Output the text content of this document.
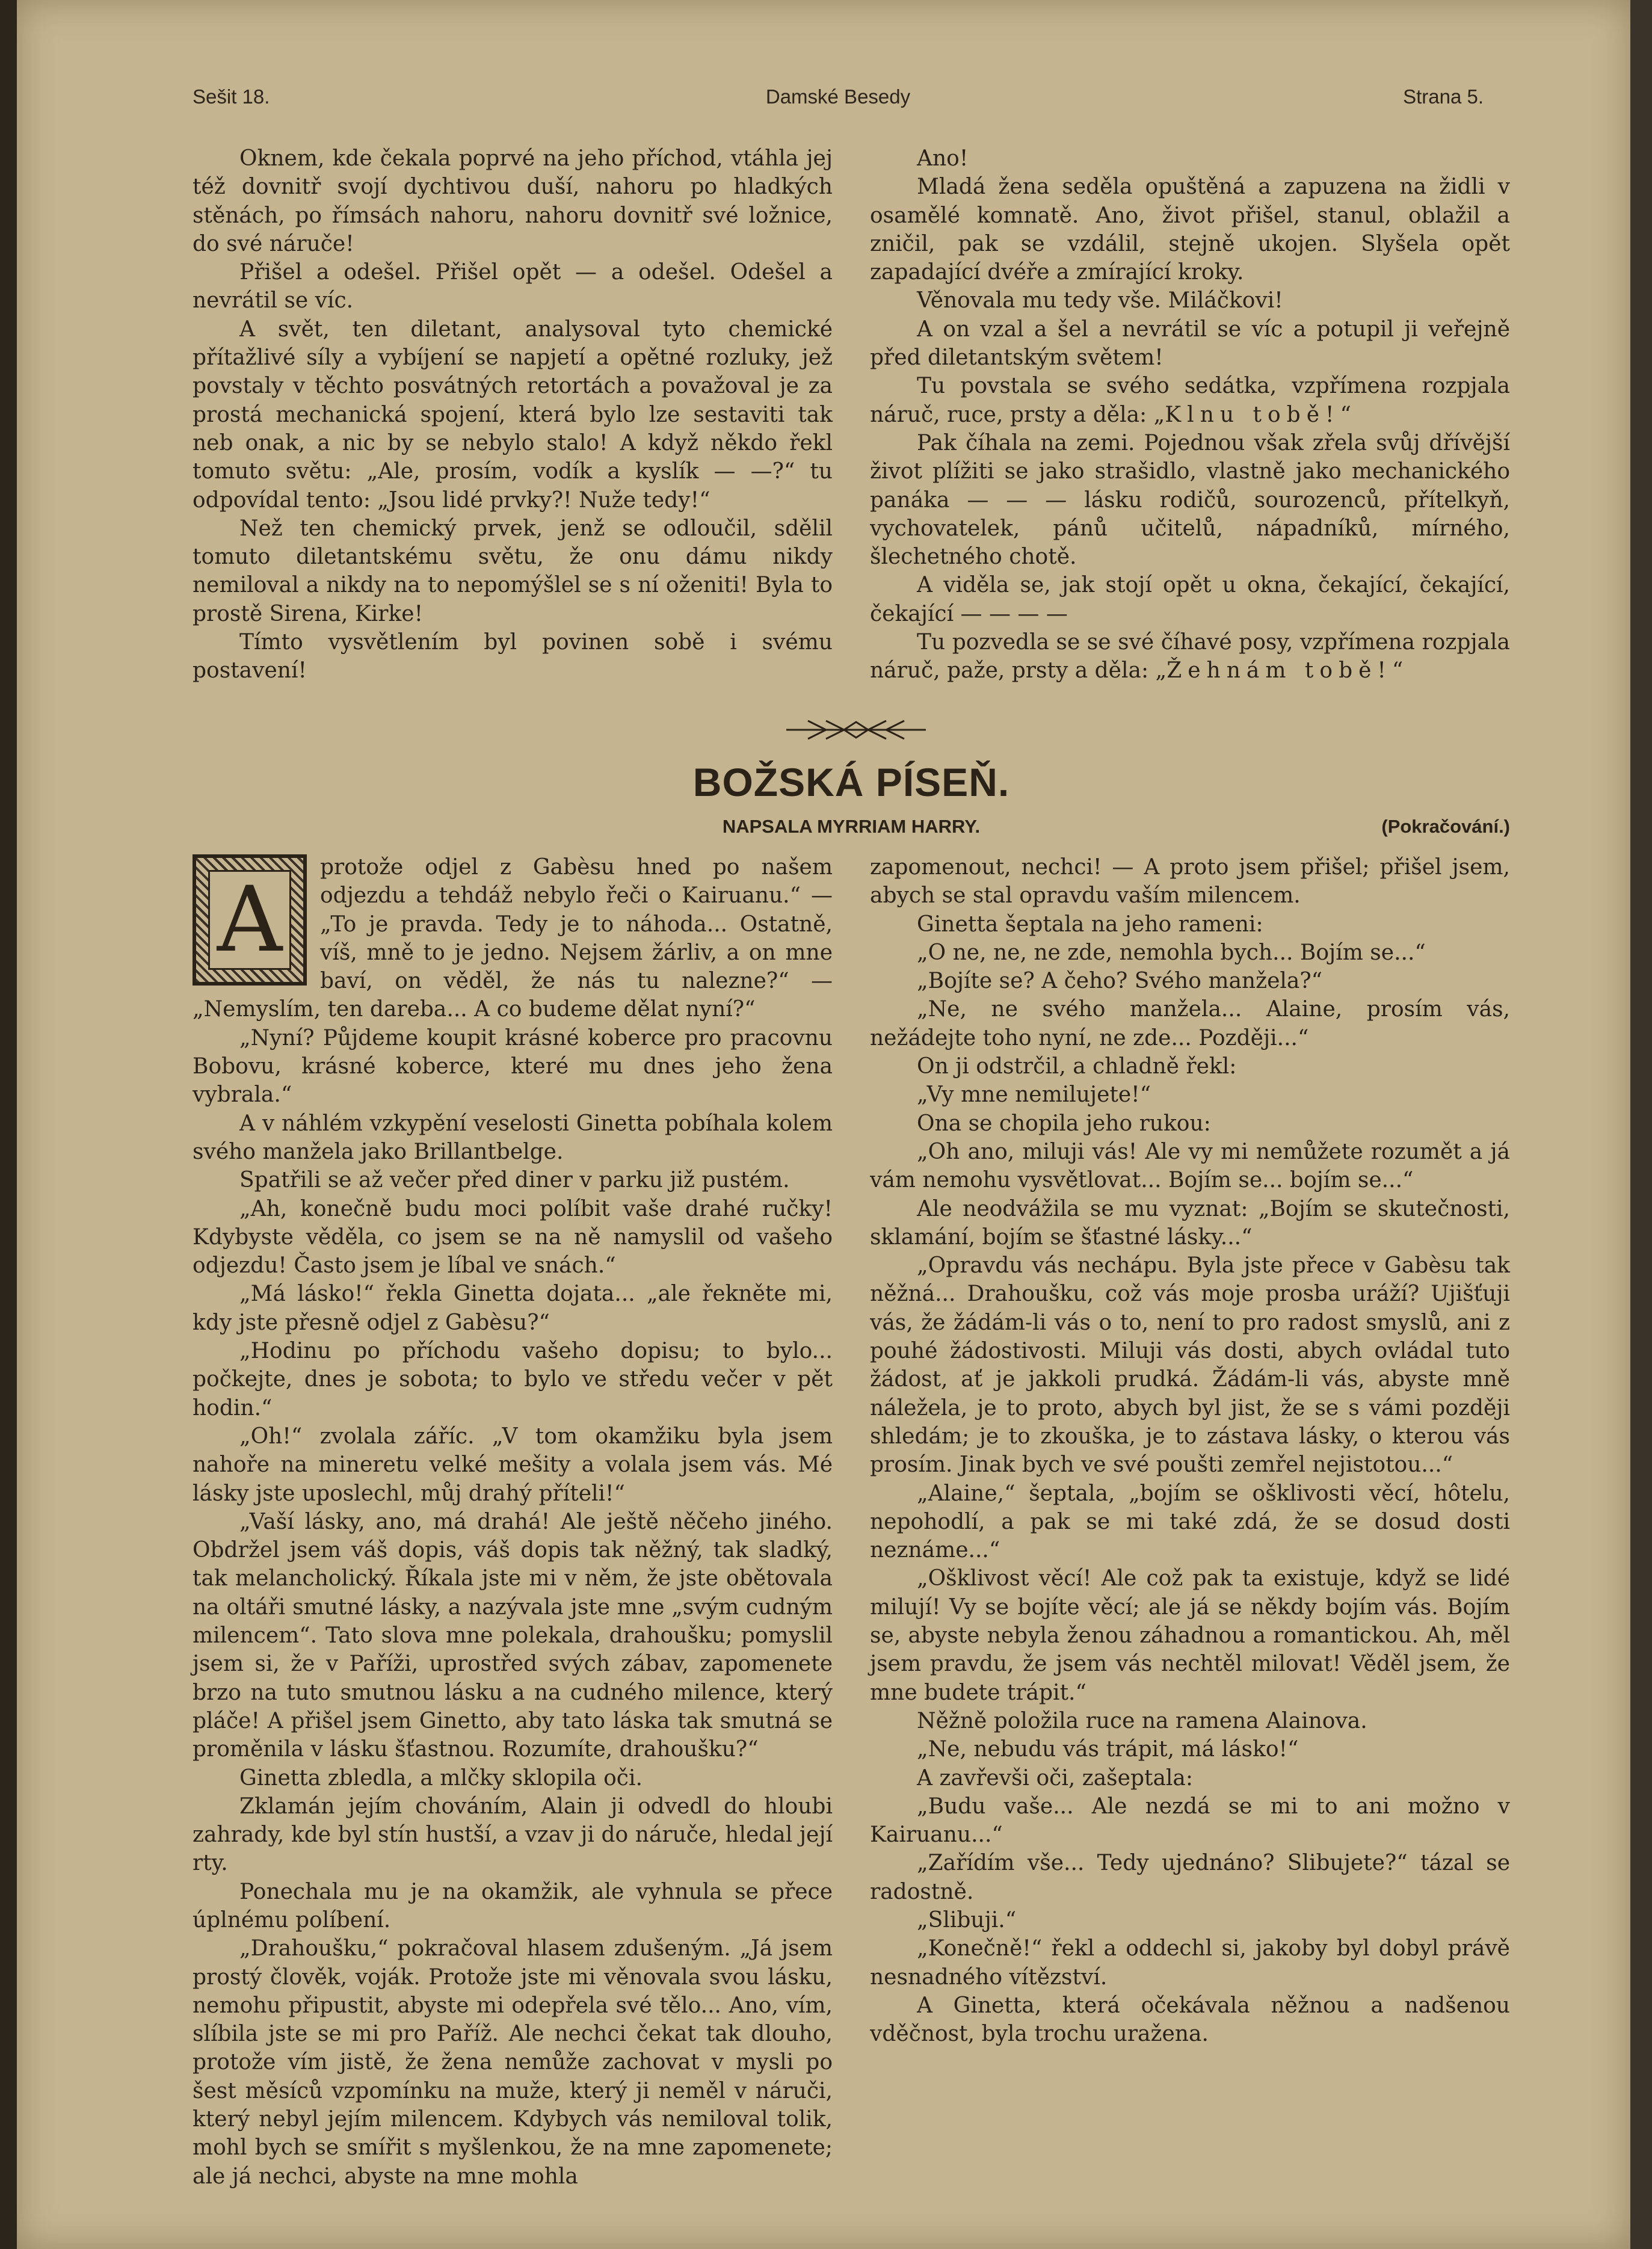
Sešit 18.	Damské Besedy	Strana 5.

Oknem, kde čekala poprvé na jeho příchod, vtáhla jej též dovnitř svojí dychtivou duší, nahoru po hladkých stěnách, po římsách nahoru, nahoru dovnitř své ložnice, do své náruče!

Přišel a odešel. Přišel opět — a odešel. Odešel a nevrátil se víc.

A svět, ten diletant, analysoval tyto chemické přítažlivé síly a vybíjení se napjetí a opětné rozluky, jež povstaly v těchto posvátných retortách a považoval je za prostá mechanická spojení, která bylo lze sestaviti tak neb onak, a nic by se nebylo stalo! A když někdo řekl tomuto světu: „Ale, prosím, vodík a kyslík — —?“ tu odpovídal tento: „Jsou lidé prvky?! Nuže tedy!“

Než ten chemický prvek, jenž se odloučil, sdělil tomuto diletantskému světu, že onu dámu nikdy nemiloval a nikdy na to nepomýšlel se s ní oženiti! Byla to prostě Sirena, Kirke!

Tímto vysvětlením byl povinen sobě i svému postavení!

Ano!

Mladá žena seděla opuštěná a zapuzena na židli v osamělé komnatě. Ano, život přišel, stanul, oblažil a zničil, pak se vzdálil, stejně ukojen. Slyšela opět zapadající dvéře a zmírající kroky.

Věnovala mu tedy vše. Miláčkovi!

A on vzal a šel a nevrátil se víc a potupil ji veřejně před diletantským světem!

Tu povstala se svého sedátka, vzpřímena rozpjala náruč, ruce, prsty a děla: „Klnu tobě!“

Pak číhala na zemi. Pojednou však zřela svůj dřívější život plížiti se jako strašidlo, vlastně jako mechanického panáka — — — lásku rodičů, sourozenců, přítelkyň, vychovatelek, pánů učitelů, nápadníků, mírného, šlechetného chotě.

A viděla se, jak stojí opět u okna, čekající, čekající, čekající — — — —

Tu pozvedla se se své číhavé posy, vzpřímena rozpjala náruč, paže, prsty a děla: „Žehnám tobě!“

BOŽSKÁ PÍSEŇ.
NAPSALA MYRRIAM HARRY.	(Pokračování.)
A

protože odjel z Gabèsu hned po našem odjezdu a tehdáž nebylo řeči o Kairuanu.“ — „To je pravda. Tedy je to náhoda... Ostatně, víš, mně to je jedno. Nejsem žárliv, a on mne baví, on věděl, že nás tu nalezne?“ — „Nemyslím, ten darebа... A co budeme dělat nyní?“

„Nyní? Půjdeme koupit krásné koberce pro pracovnu Bobovu, krásné koberce, které mu dnes jeho žena vybrala.“

A v náhlém vzkypění veselosti Ginetta pobíhala kolem svého manžela jako Brillantbelge.

Spatřili se až večer před diner v parku již pustém.

„Ah, konečně budu moci políbit vaše drahé ručky! Kdybyste věděla, co jsem se na ně namyslil od vašeho odjezdu! Často jsem je líbal ve snách.“

„Má lásko!“ řekla Ginetta dojata... „ale řekněte mi, kdy jste přesně odjel z Gabèsu?“

„Hodinu po příchodu vašeho dopisu; to bylo... počkejte, dnes je sobota; to bylo ve středu večer v pět hodin.“

„Oh!“ zvolala záříc. „V tom okamžiku byla jsem nahoře na mineretu velké mešity a volala jsem vás. Mé lásky jste uposlechl, můj drahý příteli!“

„Vaší lásky, ano, má drahá! Ale ještě něčeho jiného. Obdržel jsem váš dopis, váš dopis tak něžný, tak sladký, tak melancholický. Říkala jste mi v něm, že jste obětovala na oltáři smutné lásky, a nazývala jste mne „svým cudným milencem“. Tato slova mne polekala, drahoušku; pomyslil jsem si, že v Paříži, uprostřed svých zábav, zapomenete brzo na tuto smutnou lásku a na cudného milence, který pláče! A přišel jsem Ginetto, aby tato láska tak smutná se proměnila v lásku šťastnou. Rozumíte, drahoušku?“

Ginetta zbledla, a mlčky sklopila oči.

Zklamán jejím chováním, Alain ji odvedl do hloubi zahrady, kde byl stín hustší, a vzav ji do náruče, hledal její rty.

Ponechala mu je na okamžik, ale vyhnula se přece úplnému políbení.

„Drahoušku,“ pokračoval hlasem zdušeným. „Já jsem prostý člověk, voják. Protože jste mi věnovala svou lásku, nemohu připustit, abyste mi odepřela své tělo... Ano, vím, slíbila jste se mi pro Paříž. Ale nechci čekat tak dlouho, protože vím jistě, že žena nemůže zachovat v mysli po šest měsíců vzpomínku na muže, který ji neměl v náruči, který nebyl jejím milencem. Kdybych vás nemiloval tolik, mohl bych se smířit s myšlenkou, že na mne zapomenete; ale já nechci, abyste na mne mohla

zapomenout, nechci! — A proto jsem přišel; přišel jsem, abych se stal opravdu vaším milencem.

Ginetta šeptala na jeho rameni:

„O ne, ne, ne zde, nemohla bych... Bojím se...“

„Bojíte se? A čeho? Svého manžela?“

„Ne, ne svého manžela... Alaine, prosím vás, nežádejte toho nyní, ne zde... Později...“

On ji odstrčil, a chladně řekl:

„Vy mne nemilujete!“

Ona se chopila jeho rukou:

„Oh ano, miluji vás! Ale vy mi nemůžete rozumět a já vám nemohu vysvětlovat... Bojím se... bojím se...“

Ale neodvážila se mu vyznat: „Bojím se skutečnosti, sklamání, bojím se šťastné lásky...“

„Opravdu vás nechápu. Byla jste přece v Gabèsu tak něžná... Drahoušku, což vás moje prosba uráží? Ujišťuji vás, že žádám-li vás o to, není to pro radost smyslů, ani z pouhé žádostivosti. Miluji vás dosti, abych ovládal tuto žádost, ať je jakkoli prudká. Žádám-li vás, abyste mně náležela, je to proto, abych byl jist, že se s vámi později shledám; je to zkouška, je to zástava lásky, o kterou vás prosím. Jinak bych ve své poušti zemřel nejistotou...“

„Alaine,“ šeptala, „bojím se ošklivosti věcí, hôtelu, nepohodlí, a pak se mi také zdá, že se dosud dosti neznáme...“

„Ošklivost věcí! Ale což pak ta existuje, když se lidé milují! Vy se bojíte věcí; ale já se někdy bojím vás. Bojím se, abyste nebyla ženou záhadnou a romantickou. Ah, měl jsem pravdu, že jsem vás nechtěl milovat! Věděl jsem, že mne budete trápit.“

Něžně položila ruce na ramena Alainova.

„Ne, nebudu vás trápit, má lásko!“

A zavřevši oči, zašeptala:

„Budu vaše... Ale nezdá se mi to ani možno v Kairuanu...“

„Zařídím vše... Tedy ujednáno? Slibujete?“ tázal se radostně.

„Slibuji.“

„Konečně!“ řekl a oddechl si, jakoby byl dobyl právě nesnadného vítězství.

A Ginetta, která očekávala něžnou a nadšenou vděčnost, byla trochu uražena.
